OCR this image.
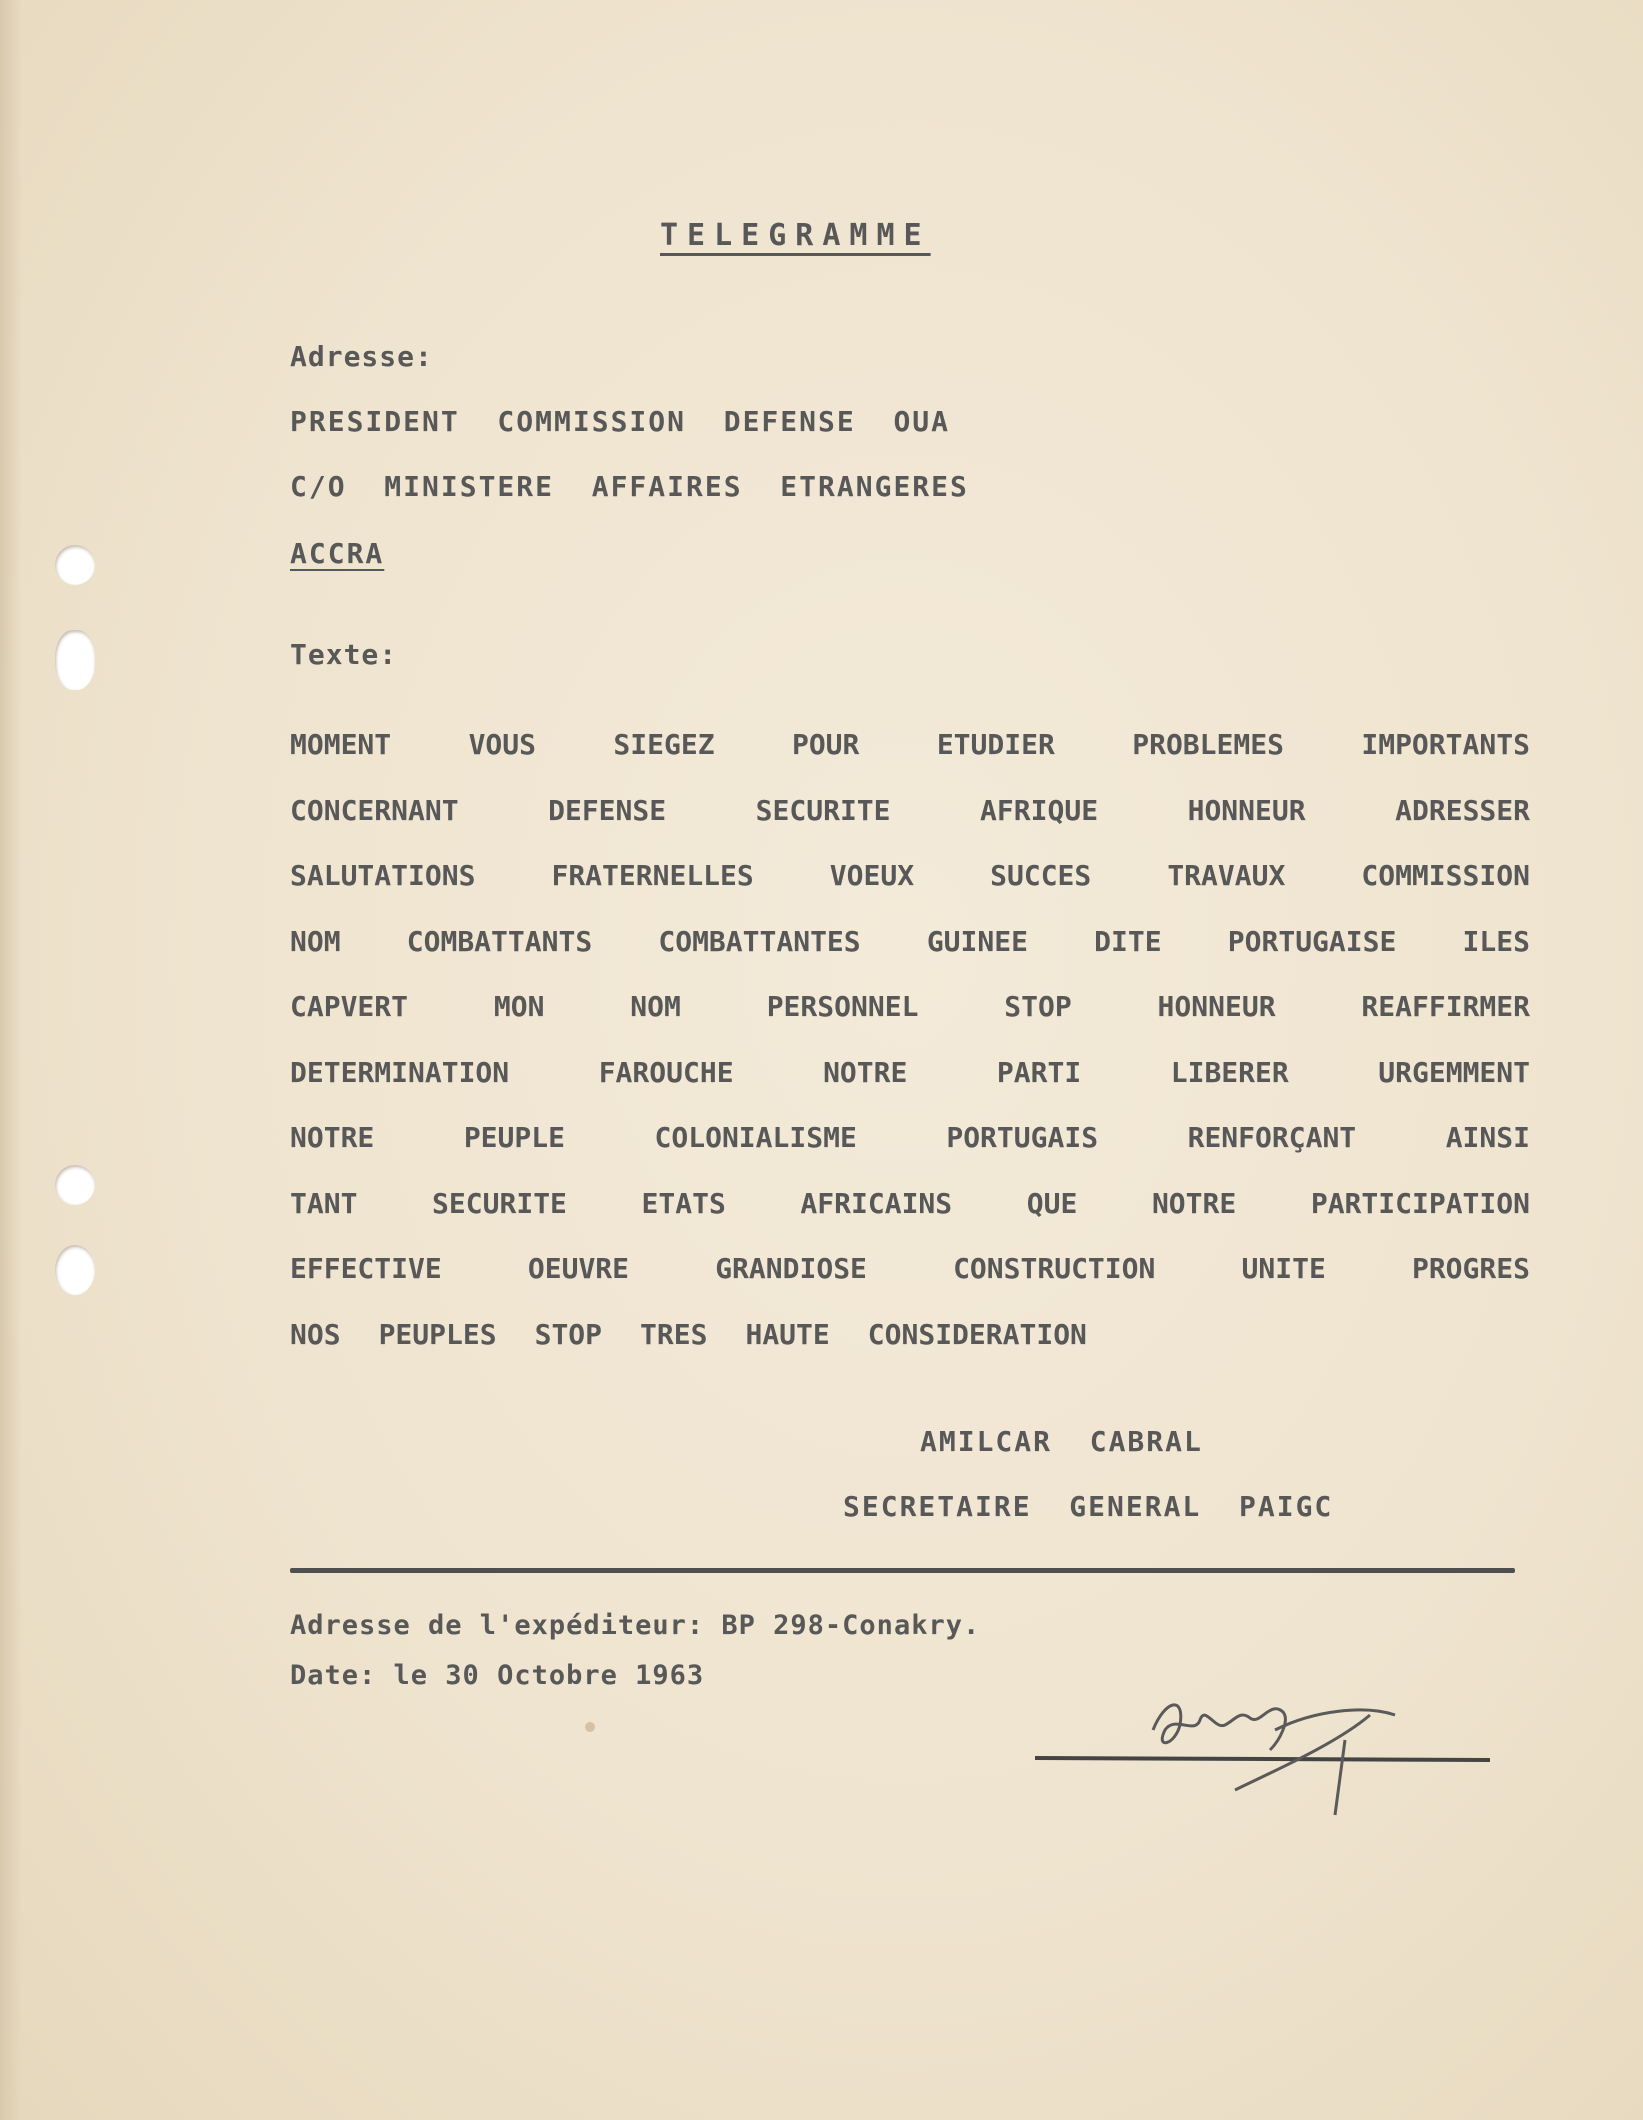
TELEGRAMME

Adresse:

PRESIDENT  COMMISSION  DEFENSE  OUA

C/O  MINISTERE  AFFAIRES  ETRANGERES

ACCRA

Texte:

MOMENT	VOUS	SIEGEZ	POUR	ETUDIER	PROBLEMES	IMPORTANTS
CONCERNANT	DEFENSE	SECURITE	AFRIQUE	HONNEUR	ADRESSER
SALUTATIONS	FRATERNELLES	VOEUX	SUCCES	TRAVAUX	COMMISSION
NOM COMBATTANTS COMBATTANTES GUINEE DITE PORTUGAISE ILES
CAPVERT	MON	NOM	PERSONNEL	STOP	HONNEUR	REAFFIRMER
DETERMINATION	FAROUCHE	NOTRE	PARTI	LIBERER	URGEMMENT
NOTRE	PEUPLE	COLONIALISME	PORTUGAIS	RENFORÇANT	AINSI
TANT	SECURITE	ETATS	AFRICAINS	QUE	NOTRE	PARTICIPATION
EFFECTIVE	OEUVRE	GRANDIOSE	CONSTRUCTION	UNITE	PROGRES
NOS PEUPLES STOP TRES HAUTE CONSIDERATION

AMILCAR  CABRAL

SECRETAIRE  GENERAL  PAIGC

Adresse de l'expéditeur: BP 298-Conakry.

Date: le 30 Octobre 1963
